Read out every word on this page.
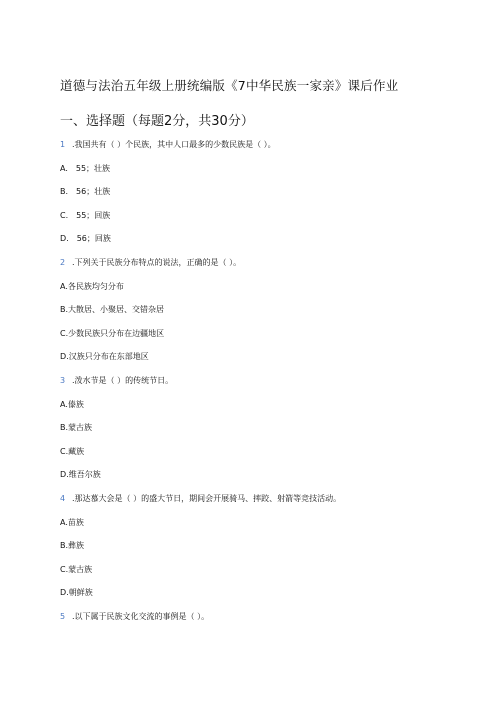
道德与法治五年级上册统编版《7中华民族一家亲》课后作业
一、选择题（每题2分，共30分）
1 .我国共有（ ）个民族，其中人口最多的少数民族是（ ）。
A.　55；壮族
B.　56；壮族
C.　55；回族
D.　56；回族
2 .下列关于民族分布特点的说法，正确的是（ ）。
A.各民族均匀分布
B.大散居、小聚居、交错杂居
C.少数民族只分布在边疆地区
D.汉族只分布在东部地区
3 .泼水节是（ ）的传统节日。
A.傣族
B.蒙古族
C.藏族
D.维吾尔族
4 .那达慕大会是（ ）的盛大节日，期间会开展骑马、摔跤、射箭等竞技活动。
A.苗族
B.彝族
C.蒙古族
D.朝鲜族
5 .以下属于民族文化交流的事例是（ ）。
